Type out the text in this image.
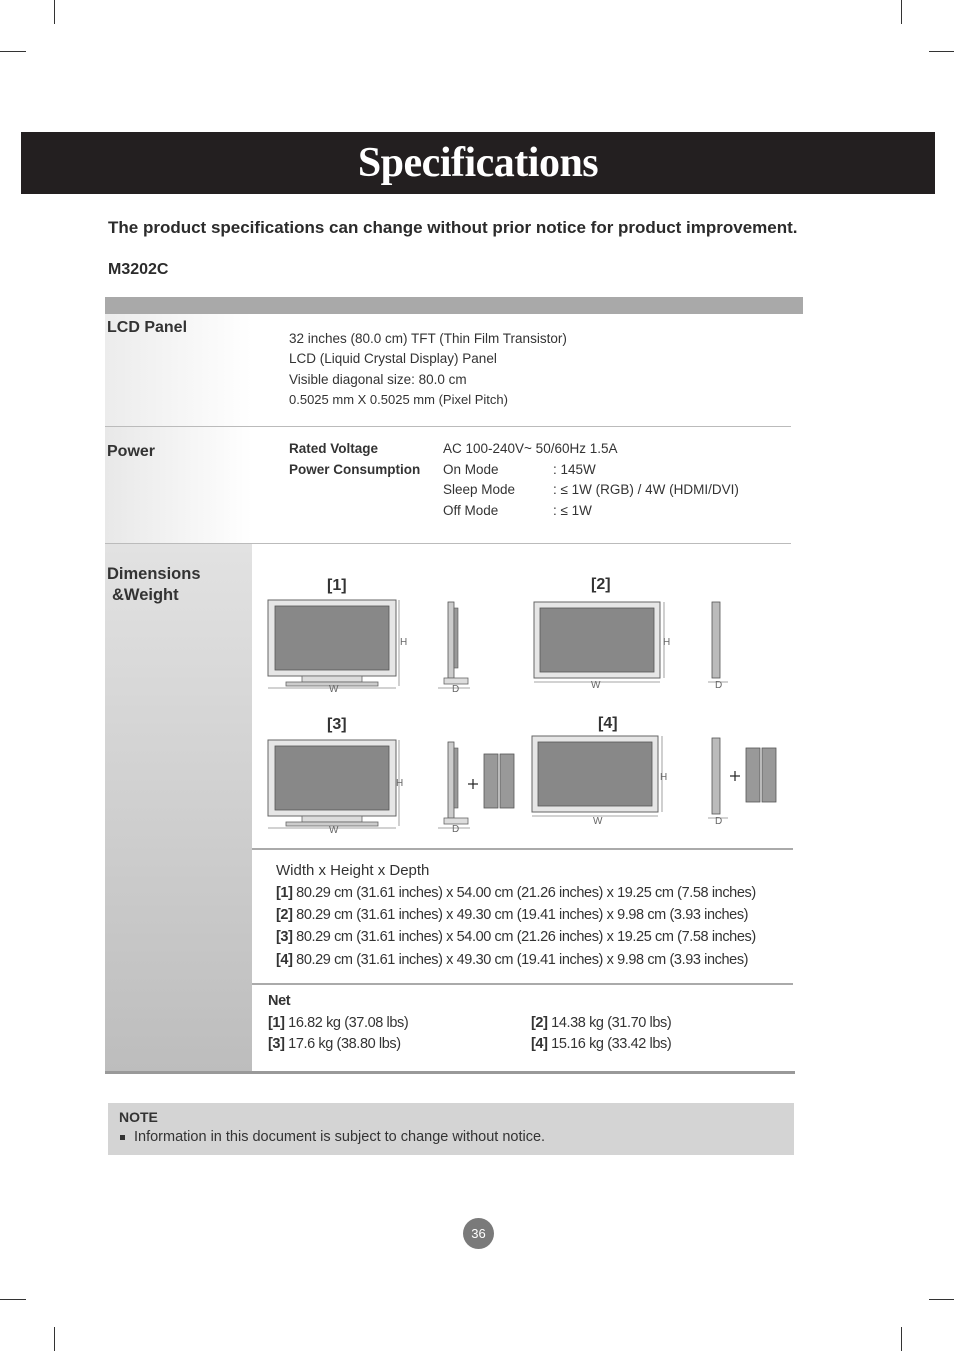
Specifications
The product specifications can change without prior notice for product improvement.
M3202C
LCD Panel
32 inches (80.0 cm) TFT (Thin Film Transistor)
LCD (Liquid Crystal Display) Panel
Visible diagonal size: 80.0 cm
0.5025 mm X 0.5025 mm (Pixel Pitch)
Power	Rated Voltage	AC 100-240V~ 50/60Hz 1.5A
Power Consumption On Mode	: 145W
Sleep Mode	: ≤ 1W (RGB) / 4W (HDMI/DVI)
Off Mode	: ≤ 1W
Dimensions
&Weight
[1]	[2]
[3]	[4]
H
W	D
H
W	D
H
W	D
H
W	D
Width x Height x Depth
[1] 80.29 cm (31.61 inches) x 54.00 cm (21.26 inches) x 19.25 cm (7.58 inches)
[2] 80.29 cm (31.61 inches) x 49.30 cm (19.41 inches) x 9.98 cm (3.93 inches)
[3] 80.29 cm (31.61 inches) x 54.00 cm (21.26 inches) x 19.25 cm (7.58 inches)
[4] 80.29 cm (31.61 inches) x 49.30 cm (19.41 inches) x 9.98 cm (3.93 inches)
Net
[1] 16.82 kg (37.08 lbs)	[2] 14.38 kg (31.70 lbs)
[3] 17.6 kg (38.80 lbs)	[4] 15.16 kg (33.42 lbs)
NOTE
Information in this document is subject to change without notice.
36
